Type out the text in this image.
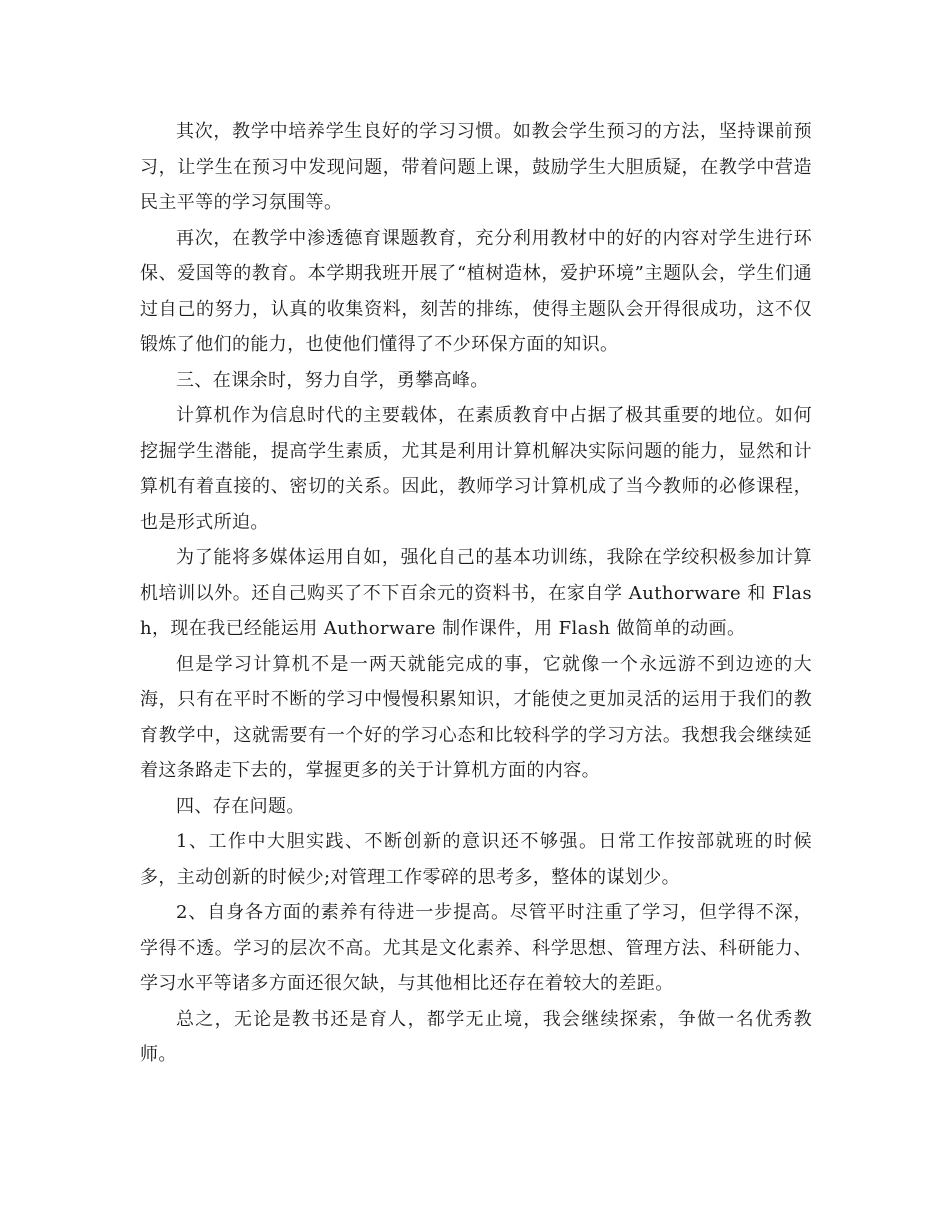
其次，教学中培养学生良好的学习习惯。如教会学生预习的方法，坚持课前预习，让学生在预习中发现问题，带着问题上课，鼓励学生大胆质疑，在教学中营造民主平等的学习氛围等。

再次，在教学中渗透德育课题教育，充分利用教材中的好的内容对学生进行环保、爱国等的教育。本学期我班开展了“植树造林，爱护环境”主题队会，学生们通过自己的努力，认真的收集资料，刻苦的排练，使得主题队会开得很成功，这不仅锻炼了他们的能力，也使他们懂得了不少环保方面的知识。

三、在课余时，努力自学，勇攀高峰。

计算机作为信息时代的主要载体，在素质教育中占据了极其重要的地位。如何挖掘学生潜能，提高学生素质，尤其是利用计算机解决实际问题的能力，显然和计算机有着直接的、密切的关系。因此，教师学习计算机成了当今教师的必修课程，也是形式所迫。

为了能将多媒体运用自如，强化自己的基本功训练，我除在学绞积极参加计算机培训以外。还自己购买了不下百余元的资料书，在家自学 Authorware 和 Flash，现在我已经能运用 Authorware 制作课件，用 Flash 做简单的动画。

但是学习计算机不是一两天就能完成的事，它就像一个永远游不到边迹的大海，只有在平时不断的学习中慢慢积累知识，才能使之更加灵活的运用于我们的教育教学中，这就需要有一个好的学习心态和比较科学的学习方法。我想我会继续延着这条路走下去的，掌握更多的关于计算机方面的内容。

四、存在问题。

1、工作中大胆实践、不断创新的意识还不够强。日常工作按部就班的时候多，主动创新的时候少;对管理工作零碎的思考多，整体的谋划少。

2、自身各方面的素养有待进一步提高。尽管平时注重了学习，但学得不深，学得不透。学习的层次不高。尤其是文化素养、科学思想、管理方法、科研能力、学习水平等诸多方面还很欠缺，与其他相比还存在着较大的差距。

总之，无论是教书还是育人，都学无止境，我会继续探索，争做一名优秀教师。
